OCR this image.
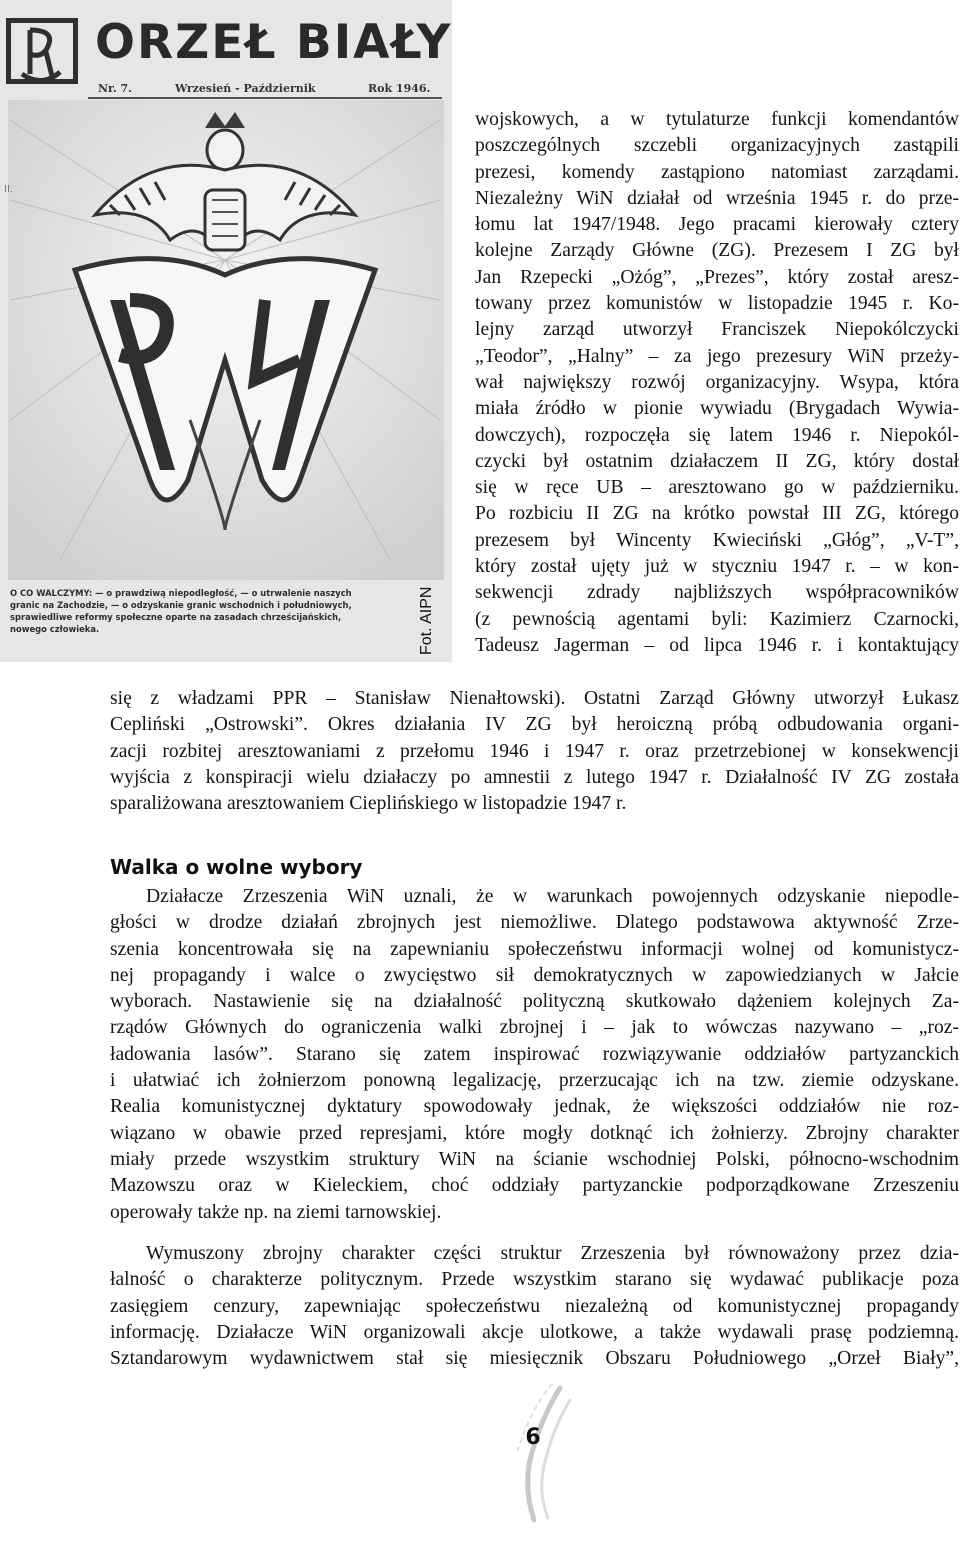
II.
ORZEŁ BIAŁY
Nr. 7.	Wrzesień - Październik	Rok 1946.
O CO WALCZYMY: — o prawdziwą niepodległość, — o utrwalenie naszych
granic na Zachodzie, — o odzyskanie granic wschodnich i południowych,
sprawiedliwe reformy społeczne oparte na zasadach chrześcijańskich,
nowego człowieka.	Fot. AIPN
wojskowych, a w tytulaturze funkcji komendantów
poszczególnych szczebli organizacyjnych zastąpili
prezesi, komendy zastąpiono natomiast zarządami.
Niezależny WiN działał od września 1945 r. do prze-
łomu lat 1947/1948. Jego pracami kierowały cztery
kolejne Zarządy Główne (ZG). Prezesem I ZG był
Jan Rzepecki „Ożóg”, „Prezes”, który został aresz-
towany przez komunistów w listopadzie 1945 r. Ko-
lejny zarząd utworzył Franciszek Niepokólczycki
„Teodor”, „Halny” – za jego prezesury WiN przeży-
wał największy rozwój organizacyjny. Wsypa, która
miała źródło w pionie wywiadu (Brygadach Wywia-
dowczych), rozpoczęła się latem 1946 r. Niepokól-
czycki był ostatnim działaczem II ZG, który dostał
się w ręce UB – aresztowano go w październiku.
Po rozbiciu II ZG na krótko powstał III ZG, którego
prezesem był Wincenty Kwieciński „Głóg”, „V-T”,
który został ujęty już w styczniu 1947 r. – w kon-
sekwencji zdrady najbliższych współpracowników
(z pewnością agentami byli: Kazimierz Czarnocki,
Tadeusz Jagerman – od lipca 1946 r. i kontaktujący
się z władzami PPR – Stanisław Nienałtowski). Ostatni Zarząd Główny utworzył Łukasz
Cepliński „Ostrowski”. Okres działania IV ZG był heroiczną próbą odbudowania organi-
zacji rozbitej aresztowaniami z przełomu 1946 i 1947 r. oraz przetrzebionej w konsekwencji
wyjścia z konspiracji wielu działaczy po amnestii z lutego 1947 r. Działalność IV ZG została
sparaliżowana aresztowaniem Cieplińskiego w listopadzie 1947 r.
Walka o wolne wybory
Działacze Zrzeszenia WiN uznali, że w warunkach powojennych odzyskanie niepodle-
głości w drodze działań zbrojnych jest niemożliwe. Dlatego podstawowa aktywność Zrze-
szenia koncentrowała się na zapewnianiu społeczeństwu informacji wolnej od komunistycz-
nej propagandy i walce o zwycięstwo sił demokratycznych w zapowiedzianych w Jałcie
wyborach. Nastawienie się na działalność polityczną skutkowało dążeniem kolejnych Za-
rządów Głównych do ograniczenia walki zbrojnej i – jak to wówczas nazywano – „roz-
ładowania lasów”. Starano się zatem inspirować rozwiązywanie oddziałów partyzanckich
i ułatwiać ich żołnierzom ponowną legalizację, przerzucając ich na tzw. ziemie odzyskane.
Realia komunistycznej dyktatury spowodowały jednak, że większości oddziałów nie roz-
wiązano w obawie przed represjami, które mogły dotknąć ich żołnierzy. Zbrojny charakter
miały przede wszystkim struktury WiN na ścianie wschodniej Polski, północno-wschodnim
Mazowszu oraz w Kieleckiem, choć oddziały partyzanckie podporządkowane Zrzeszeniu
operowały także np. na ziemi tarnowskiej.
Wymuszony zbrojny charakter części struktur Zrzeszenia był równoważony przez dzia-
łalność o charakterze politycznym. Przede wszystkim starano się wydawać publikacje poza
zasięgiem cenzury, zapewniając społeczeństwu niezależną od komunistycznej propagandy
informację. Działacze WiN organizowali akcje ulotkowe, a także wydawali prasę podziemną.
Sztandarowym wydawnictwem stał się miesięcznik Obszaru Południowego „Orzeł Biały”,
6
